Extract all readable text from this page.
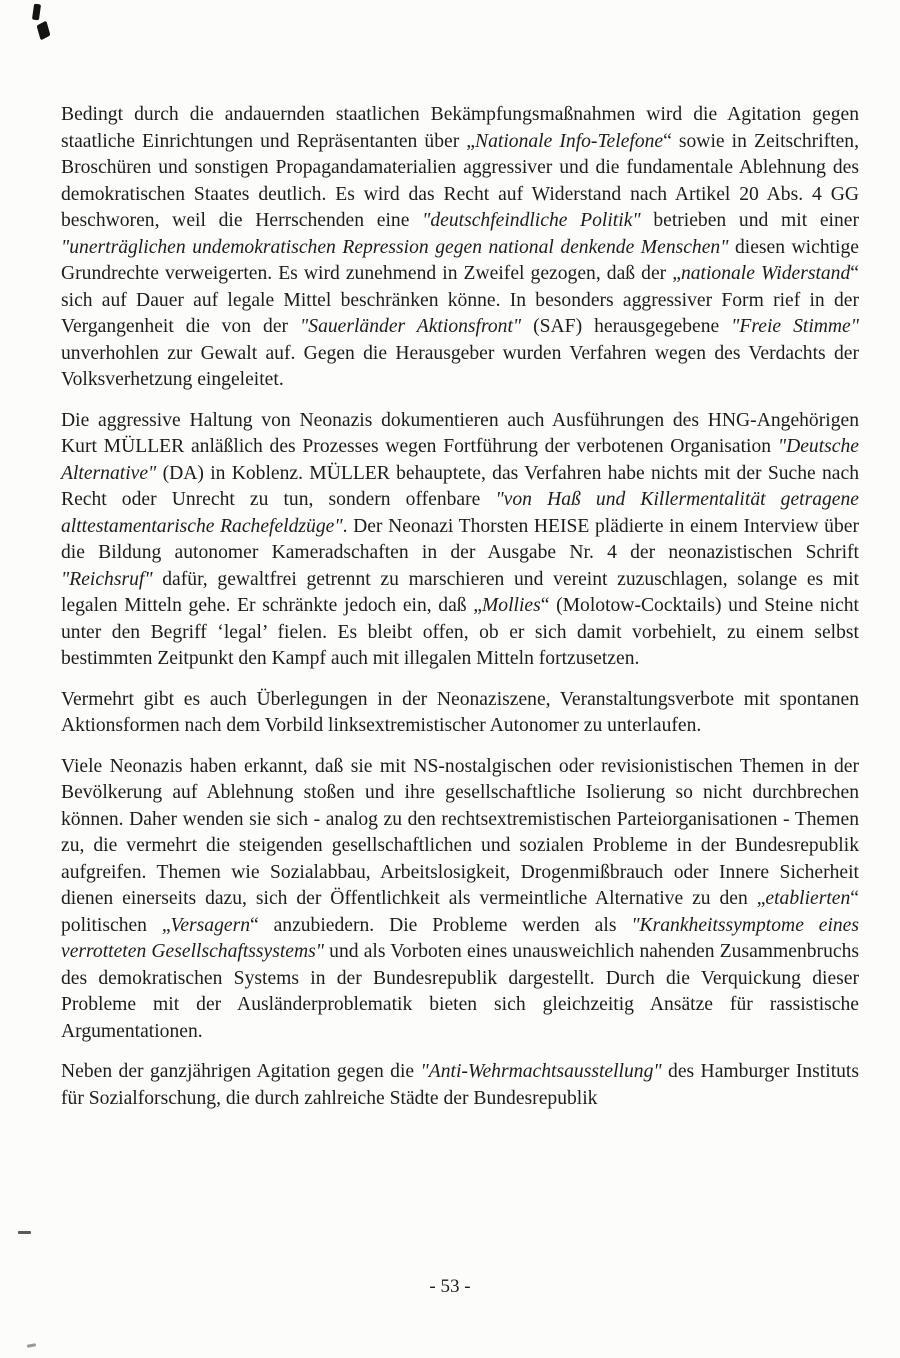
Bedingt durch die andauernden staatlichen Bekämpfungsmaßnahmen wird die Agitation gegen staatliche Einrichtungen und Repräsentanten über „Nationale Info-Telefone“ sowie in Zeitschriften, Broschüren und sonstigen Propagandamaterialien aggressiver und die fundamentale Ablehnung des demokratischen Staates deutlich. Es wird das Recht auf Widerstand nach Artikel 20 Abs. 4 GG beschworen, weil die Herrschenden eine "deutschfeindliche Politik" betrieben und mit einer "unerträglichen undemokratischen Repression gegen national denkende Menschen" diesen wichtige Grundrechte verweigerten. Es wird zunehmend in Zweifel gezogen, daß der „nationale Widerstand“ sich auf Dauer auf legale Mittel beschränken könne. In besonders aggressiver Form rief in der Vergangenheit die von der "Sauerländer Aktionsfront" (SAF) herausgegebene "Freie Stimme" unverhohlen zur Gewalt auf. Gegen die Herausgeber wurden Verfahren wegen des Verdachts der Volksverhetzung eingeleitet.

Die aggressive Haltung von Neonazis dokumentieren auch Ausführungen des HNG-Angehörigen Kurt MÜLLER anläßlich des Prozesses wegen Fortführung der verbotenen Organisation "Deutsche Alternative" (DA) in Koblenz. MÜLLER behauptete, das Verfahren habe nichts mit der Suche nach Recht oder Unrecht zu tun, sondern offenbare "von Haß und Killermentalität getragene alttestamentarische Rachefeldzüge". Der Neonazi Thorsten HEISE plädierte in einem Interview über die Bildung autonomer Kameradschaften in der Ausgabe Nr. 4 der neonazistischen Schrift "Reichsruf" dafür, gewaltfrei getrennt zu marschieren und vereint zuzuschlagen, solange es mit legalen Mitteln gehe. Er schränkte jedoch ein, daß „Mollies“ (Molotow-Cocktails) und Steine nicht unter den Begriff ‘legal’ fielen. Es bleibt offen, ob er sich damit vorbehielt, zu einem selbst bestimmten Zeitpunkt den Kampf auch mit illegalen Mitteln fortzusetzen.

Vermehrt gibt es auch Überlegungen in der Neonaziszene, Veranstaltungsverbote mit spontanen Aktionsformen nach dem Vorbild linksextremistischer Autonomer zu unterlaufen.

Viele Neonazis haben erkannt, daß sie mit NS-nostalgischen oder revisionistischen Themen in der Bevölkerung auf Ablehnung stoßen und ihre gesellschaftliche Isolierung so nicht durchbrechen können. Daher wenden sie sich - analog zu den rechtsextremistischen Parteiorganisationen - Themen zu, die vermehrt die steigenden gesellschaftlichen und sozialen Probleme in der Bundesrepublik aufgreifen. Themen wie Sozialabbau, Arbeitslosigkeit, Drogenmißbrauch oder Innere Sicherheit dienen einerseits dazu, sich der Öffentlichkeit als vermeintliche Alternative zu den „etablierten“ politischen „Versagern“ anzubiedern. Die Probleme werden als "Krankheitssymptome eines verrotteten Gesellschaftssystems" und als Vorboten eines unausweichlich nahenden Zusammenbruchs des demokratischen Systems in der Bundesrepublik dargestellt. Durch die Verquickung dieser Probleme mit der Ausländerproblematik bieten sich gleichzeitig Ansätze für rassistische Argumentationen.

Neben der ganzjährigen Agitation gegen die "Anti-Wehrmachtsausstellung" des Hamburger Instituts für Sozialforschung, die durch zahlreiche Städte der Bundesrepublik

- 53 -
